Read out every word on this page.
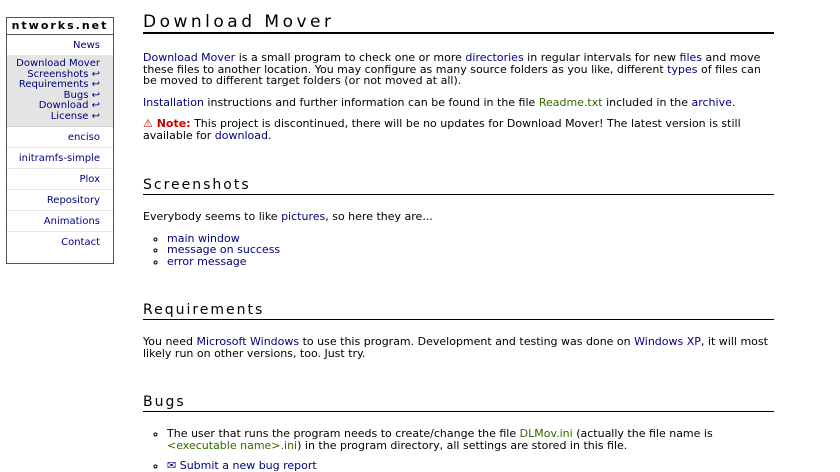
ntworks.net
News
Download Mover
Screenshots ↩
Requirements ↩
Bugs ↩
Download ↩
License ↩
enciso
initramfs-simple
Plox
Repository
Animations
Contact
Download Mover

Download Mover is a small program to check one or more directories in regular intervals for new files and move these files to another location. You may configure as many source folders as you like, different types of files can be moved to different target folders (or not moved at all).

Installation instructions and further information can be found in the file Readme.txt included in the archive.

⚠ Note: This project is discontinued, there will be no updates for Download Mover! The latest version is still available for download.

Screenshots

Everybody seems to like pictures, so here they are...

◦ main window
◦ message on success
◦ error message
Requirements

You need Microsoft Windows to use this program. Development and testing was done on Windows XP, it will most likely run on other versions, too. Just try.

Bugs
◦ The user that runs the program needs to create/change the file DLMov.ini (actually the file name is <executable name>.ini) in the program directory, all settings are stored in this file.
◦ ✉ Submit a new bug report
